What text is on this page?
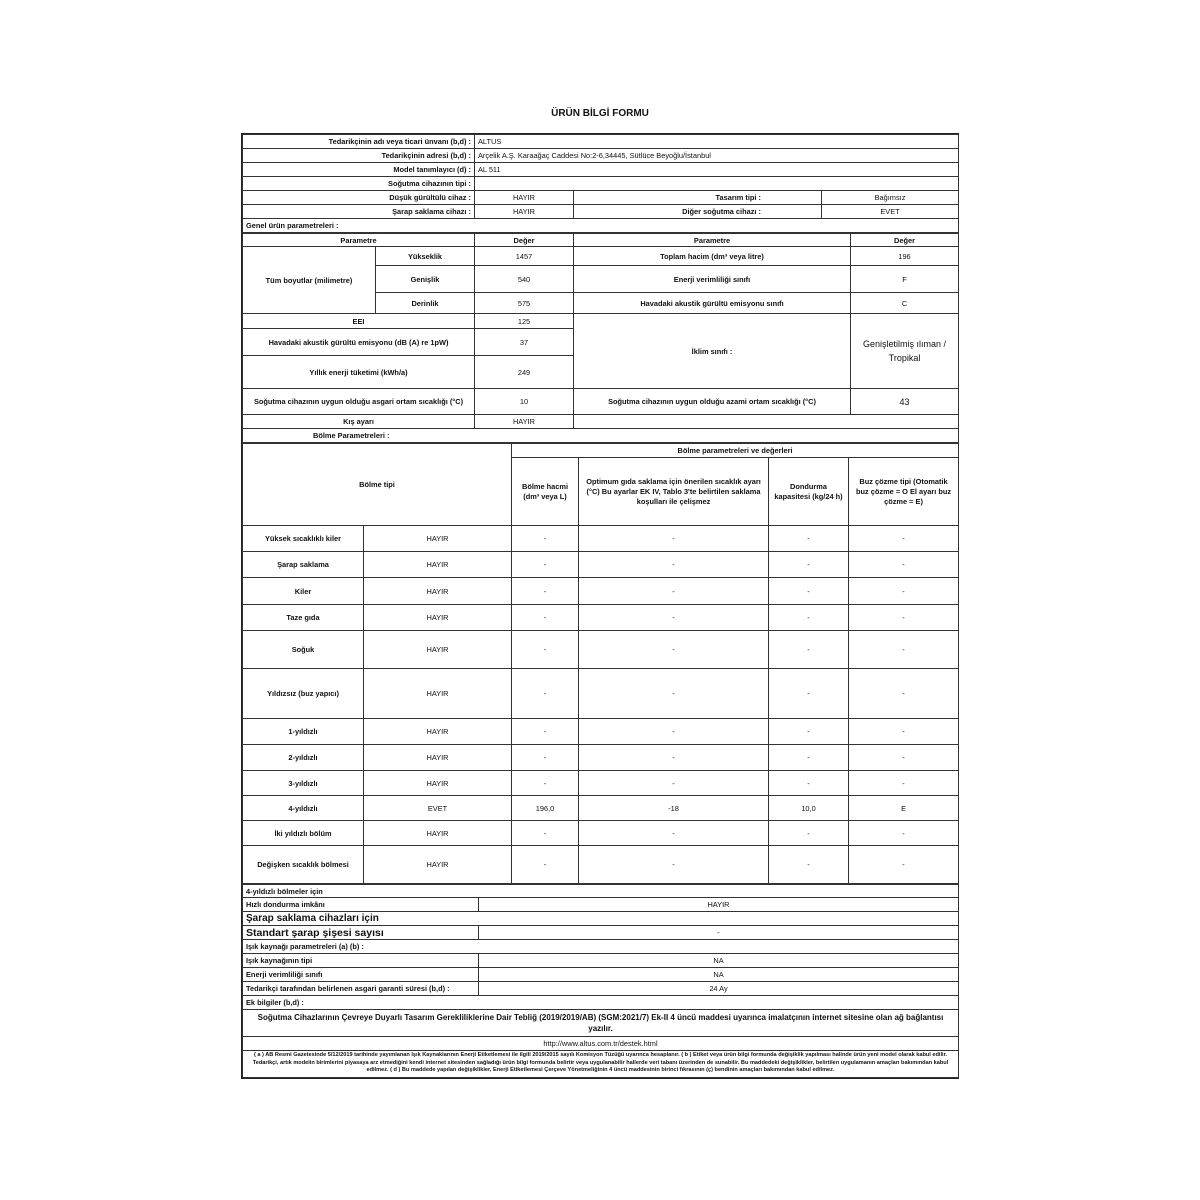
ÜRÜN BİLGİ FORMU
Tedarikçinin adı veya ticari ünvanı (b,d) :	ALTUS		
Tedarikçinin adresi (b,d) :	Arçelik A.Ş. Karaağaç Caddesi No:2-6,34445, Sütlüce Beyoğlu/İstanbul		
Model tanımlayıcı (d) :	AL 511		
Soğutma cihazının tipi :			
Düşük gürültülü cihaz :	HAYIR	Tasarım tipi :	Bağımsız
Şarap saklama cihazı :	HAYIR	Diğer soğutma cihazı :	EVET
Genel ürün parametreleri :			
Parametre		Değer	Parametre	Değer
Tüm boyutlar (milimetre)	Yükseklik	1457	Toplam hacim (dm³ veya litre)	196
	Genişlik	540	Enerji verimliliği sınıfı	F
	Derinlik	575	Havadaki akustik gürültü emisyonu sınıfı	C
EEI		125	İklim sınıfı :	Genişletilmiş ılıman / Tropikal
Havadaki akustik gürültü emisyonu (dB (A) re 1pW)		37		
Yıllık enerji tüketimi (kWh/a)		249		
Soğutma cihazının uygun olduğu asgari ortam sıcaklığı (°C)		10	Soğutma cihazının uygun olduğu azami ortam sıcaklığı (°C)	43
Kış ayarı		HAYIR		
Bölme Parametreleri :				
Bölme tipi		Bölme parametreleri ve değerleri			
		Bölme hacmi (dm³ veya L)	Optimum gıda saklama için önerilen sıcaklık ayarı (°C) Bu ayarlar EK IV, Tablo 3'te belirtilen saklama koşulları ile çelişmez	Dondurma kapasitesi (kg/24 h)	Buz çözme tipi (Otomatik buz çözme = O El ayarı buz çözme = E)
Yüksek sıcaklıklı kiler	HAYIR	-	-	-	-
Şarap saklama	HAYIR	-	-	-	-
Kiler	HAYIR	-	-	-	-
Taze gıda	HAYIR	-	-	-	-
Soğuk	HAYIR	-	-	-	-
Yıldızsız (buz yapıcı)	HAYIR	-	-	-	-
1-yıldızlı	HAYIR	-	-	-	-
2-yıldızlı	HAYIR	-	-	-	-
3-yıldızlı	HAYIR	-	-	-	-
4-yıldızlı	EVET	196,0	-18	10,0	E
İki yıldızlı bölüm	HAYIR	-	-	-	-
Değişken sıcaklık bölmesi	HAYIR	-	-	-	-
4-yıldızlı bölmeler için	
Hızlı dondurma imkânı	HAYIR
Şarap saklama cihazları için	
Standart şarap şişesi sayısı	-
Işık kaynağı parametreleri (a) (b) :	
Işık kaynağının tipi	NA
Enerji verimliliği sınıfı	NA
Tedarikçi tarafından belirlenen asgari garanti süresi (b,d) :	24 Ay
Ek bilgiler (b,d) :	
Soğutma Cihazlarının Çevreye Duyarlı Tasarım Gerekliliklerine Dair Tebliğ (2019/2019/AB) (SGM:2021/7) Ek-II 4 üncü maddesi uyarınca imalatçının internet sitesine olan ağ bağlantısı yazılır.	
http://www.altus.com.tr/destek.html	
( a ) AB Resmi Gazetesinde 5/12/2019 tarihinde yayımlanan Işık Kaynaklarının Enerji Etiketlemesi ile ilgili 2019/2015 sayılı Komisyon Tüzüğü uyarınca hesaplanır. ( b ) Etiket veya ürün bilgi formunda değişiklik yapılması halinde ürün yeni model olarak kabul edilir. Tedarikçi, artık modelin birimlerini piyasaya arz etmediğini kendi internet sitesinden sağladığı ürün bilgi formunda belirtir veya uygulanabilir hallerde veri tabanı üzerinden de sunabilir. Bu maddedeki değişiklikler, belirtilen uygulamanın amaçları bakımından kabul edilmez. ( d ) Bu maddede yapılan değişiklikler, Enerji Etiketlemesi Çerçeve Yönetmeliğinin 4 üncü maddesinin birinci fıkrasının (ç) bendinin amaçları bakımından kabul edilmez.	
